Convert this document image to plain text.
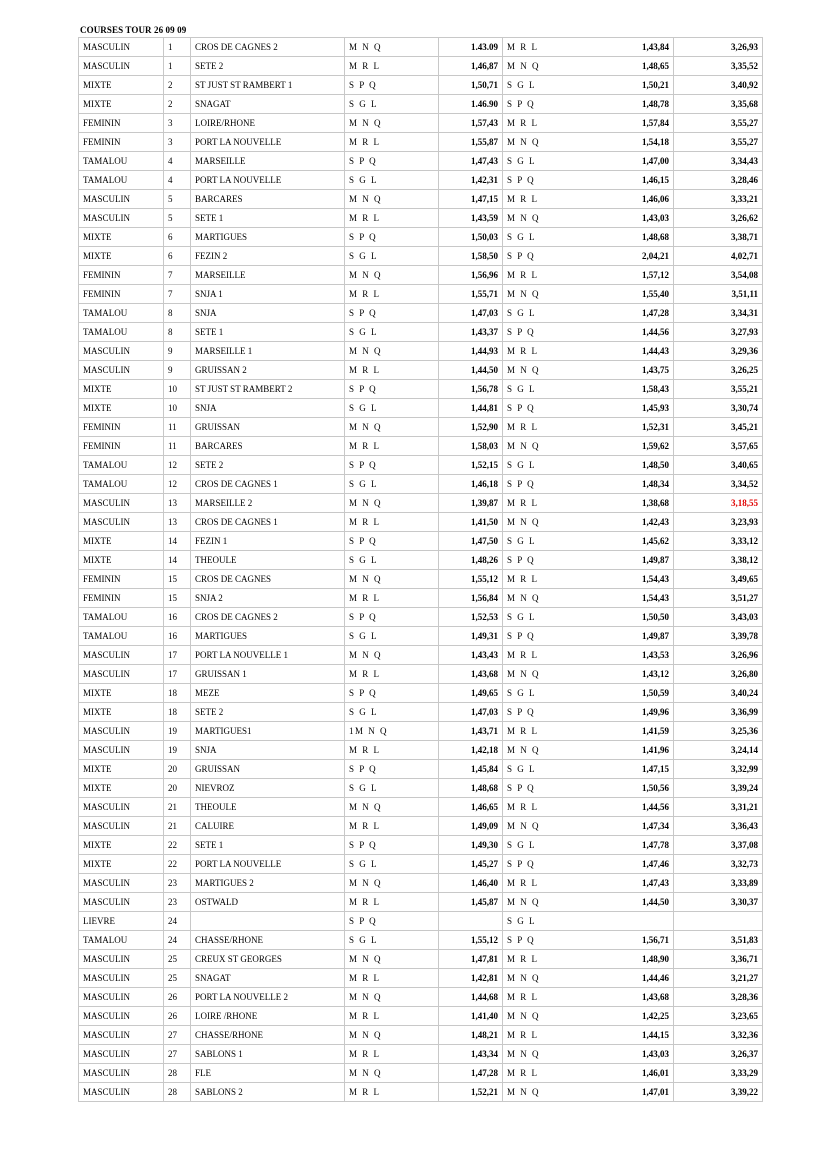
COURSES TOUR 26 09 09
MASCULIN	1	CROS DE CAGNES 2	M N Q	1.43.09	M R L	1,43,84	3,26,93
MASCULIN	1	SETE 2	M R L	1,46,87	M N Q	1,48,65	3,35,52
MIXTE	2	ST JUST ST RAMBERT 1	S P Q	1,50,71	S G L	1,50,21	3,40,92
MIXTE	2	SNAGAT	S G L	1.46.90	S P Q	1,48,78	3,35,68
FEMININ	3	LOIRE/RHONE	M N Q	1,57,43	M R L	1,57,84	3,55,27
FEMININ	3	PORT LA NOUVELLE	M R L	1,55,87	M N Q	1,54,18	3,55,27
TAMALOU	4	MARSEILLE	S P Q	1,47,43	S G L	1,47,00	3,34,43
TAMALOU	4	PORT LA NOUVELLE	S G L	1,42,31	S P Q	1,46,15	3,28,46
MASCULIN	5	BARCARES	M N Q	1,47,15	M R L	1,46,06	3,33,21
MASCULIN	5	SETE 1	M R L	1,43,59	M N Q	1,43,03	3,26,62
MIXTE	6	MARTIGUES	S P Q	1,50,03	S G L	1,48,68	3,38,71
MIXTE	6	FEZIN 2	S G L	1,58,50	S P Q	2,04,21	4,02,71
FEMININ	7	MARSEILLE	M N Q	1,56,96	M R L	1,57,12	3,54,08
FEMININ	7	SNJA 1	M R L	1,55,71	M N Q	1,55,40	3,51,11
TAMALOU	8	SNJA	S P Q	1,47,03	S G L	1,47,28	3,34,31
TAMALOU	8	SETE 1	S G L	1,43,37	S P Q	1,44,56	3,27,93
MASCULIN	9	MARSEILLE 1	M N Q	1,44,93	M R L	1,44,43	3,29,36
MASCULIN	9	GRUISSAN 2	M R L	1,44,50	M N Q	1,43,75	3,26,25
MIXTE	10	ST JUST ST RAMBERT 2	S P Q	1,56,78	S G L	1,58,43	3,55,21
MIXTE	10	SNJA	S G L	1,44,81	S P Q	1,45,93	3,30,74
FEMININ	11	GRUISSAN	M N Q	1,52,90	M R L	1,52,31	3,45,21
FEMININ	11	BARCARES	M R L	1,58,03	M N Q	1,59,62	3,57,65
TAMALOU	12	SETE 2	S P Q	1,52,15	S G L	1,48,50	3,40,65
TAMALOU	12	CROS DE CAGNES 1	S G L	1,46,18	S P Q	1,48,34	3,34,52
MASCULIN	13	MARSEILLE 2	M N Q	1,39,87	M R L	1,38,68	3,18,55
MASCULIN	13	CROS DE CAGNES 1	M R L	1,41,50	M N Q	1,42,43	3,23,93
MIXTE	14	FEZIN 1	S P Q	1,47,50	S G L	1,45,62	3,33,12
MIXTE	14	THEOULE	S G L	1,48,26	S P Q	1,49,87	3,38,12
FEMININ	15	CROS DE CAGNES	M N Q	1,55,12	M R L	1,54,43	3,49,65
FEMININ	15	SNJA 2	M R L	1,56,84	M N Q	1,54,43	3,51,27
TAMALOU	16	CROS DE CAGNES 2	S P Q	1,52,53	S G L	1,50,50	3,43,03
TAMALOU	16	MARTIGUES	S G L	1,49,31	S P Q	1,49,87	3,39,78
MASCULIN	17	PORT LA NOUVELLE 1	M N Q	1,43,43	M R L	1,43,53	3,26,96
MASCULIN	17	GRUISSAN 1	M R L	1,43,68	M N Q	1,43,12	3,26,80
MIXTE	18	MEZE	S P Q	1,49,65	S G L	1,50,59	3,40,24
MIXTE	18	SETE 2	S G L	1,47,03	S P Q	1,49,96	3,36,99
MASCULIN	19	MARTIGUES1	1M N Q	1,43,71	M R L	1,41,59	3,25,36
MASCULIN	19	SNJA	M R L	1,42,18	M N Q	1,41,96	3,24,14
MIXTE	20	GRUISSAN	S P Q	1,45,84	S G L	1,47,15	3,32,99
MIXTE	20	NIEVROZ	S G L	1,48,68	S P Q	1,50,56	3,39,24
MASCULIN	21	THEOULE	M N Q	1,46,65	M R L	1,44,56	3,31,21
MASCULIN	21	CALUIRE	M R L	1,49,09	M N Q	1,47,34	3,36,43
MIXTE	22	SETE 1	S P Q	1,49,30	S G L	1,47,78	3,37,08
MIXTE	22	PORT LA NOUVELLE	S G L	1,45,27	S P Q	1,47,46	3,32,73
MASCULIN	23	MARTIGUES 2	M N Q	1,46,40	M R L	1,47,43	3,33,89
MASCULIN	23	OSTWALD	M R L	1,45,87	M N Q	1,44,50	3,30,37
LIEVRE	24		S P Q		S G L		
TAMALOU	24	CHASSE/RHONE	S G L	1,55,12	S P Q	1,56,71	3,51,83
MASCULIN	25	CREUX ST GEORGES	M N Q	1,47,81	M R L	1,48,90	3,36,71
MASCULIN	25	SNAGAT	M R L	1,42,81	M N Q	1,44,46	3,21,27
MASCULIN	26	PORT LA NOUVELLE 2	M N Q	1,44,68	M R L	1,43,68	3,28,36
MASCULIN	26	LOIRE /RHONE	M R L	1,41,40	M N Q	1,42,25	3,23,65
MASCULIN	27	CHASSE/RHONE	M N Q	1,48,21	M R L	1,44,15	3,32,36
MASCULIN	27	SABLONS 1	M R L	1,43,34	M N Q	1,43,03	3,26,37
MASCULIN	28	FLE	M N Q	1,47,28	M R L	1,46,01	3,33,29
MASCULIN	28	SABLONS 2	M R L	1,52,21	M N Q	1,47,01	3,39,22
